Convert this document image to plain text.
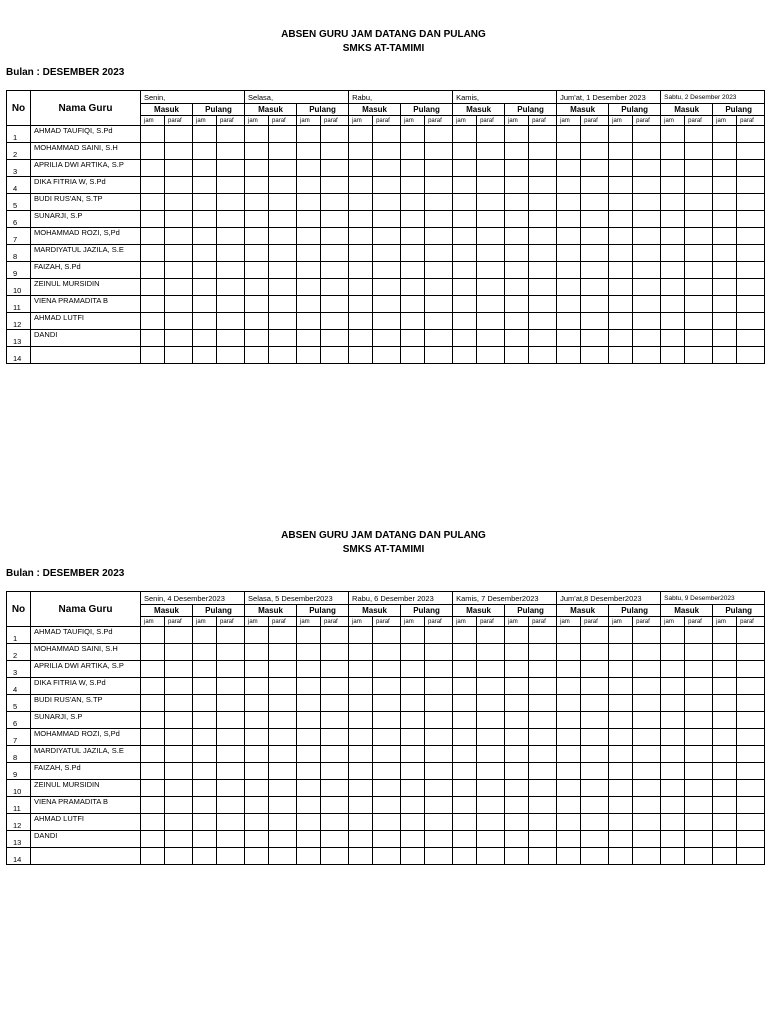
ABSEN GURU JAM DATANG DAN PULANG
SMKS AT-TAMIMI
Bulan : DESEMBER 2023
No	Nama Guru	Senin,				Selasa,				Rabu,				Kamis,				Jum'at, 1 Desember 2023				Sabtu, 2 Desember 2023			
		Masuk		Pulang		Masuk		Pulang		Masuk		Pulang		Masuk		Pulang		Masuk		Pulang		Masuk		Pulang	
		jam	paraf	jam	paraf	jam	paraf	jam	paraf	jam	paraf	jam	paraf	jam	paraf	jam	paraf	jam	paraf	jam	paraf	jam	paraf	jam	paraf
1	AHMAD TAUFIQI, S.Pd																								
2	MOHAMMAD SAINI, S.H																								
3	APRILIA DWI ARTIKA, S.P																								
4	DIKA FITRIA W, S.Pd																								
5	BUDI RUS'AN, S.TP																								
6	SUNARJI, S.P																								
7	MOHAMMAD ROZI, S,Pd																								
8	MARDIYATUL JAZILA, S.E																								
9	FAIZAH, S.Pd																								
10	ZEINUL MURSIDIN																								
11	VIENA PRAMADITA B																								
12	AHMAD LUTFI																								
13	DANDI																								
14																									
ABSEN GURU JAM DATANG DAN PULANG
SMKS AT-TAMIMI
Bulan : DESEMBER 2023
No	Nama Guru	Senin, 4 Desember2023				Selasa, 5 Desember2023				Rabu, 6 Desember 2023				Kamis, 7 Desember2023				Jum'at,8 Desember2023				Sabtu, 9 Desember2023			
		Masuk		Pulang		Masuk		Pulang		Masuk		Pulang		Masuk		Pulang		Masuk		Pulang		Masuk		Pulang	
		jam	paraf	jam	paraf	jam	paraf	jam	paraf	jam	paraf	jam	paraf	jam	paraf	jam	paraf	jam	paraf	jam	paraf	jam	paraf	jam	paraf
1	AHMAD TAUFIQI, S.Pd																								
2	MOHAMMAD SAINI, S.H																								
3	APRILIA DWI ARTIKA, S.P																								
4	DIKA FITRIA W, S.Pd																								
5	BUDI RUS'AN, S.TP																								
6	SUNARJI, S.P																								
7	MOHAMMAD ROZI, S,Pd																								
8	MARDIYATUL JAZILA, S.E																								
9	FAIZAH, S.Pd																								
10	ZEINUL MURSIDIN																								
11	VIENA PRAMADITA B																								
12	AHMAD LUTFI																								
13	DANDI																								
14																									
